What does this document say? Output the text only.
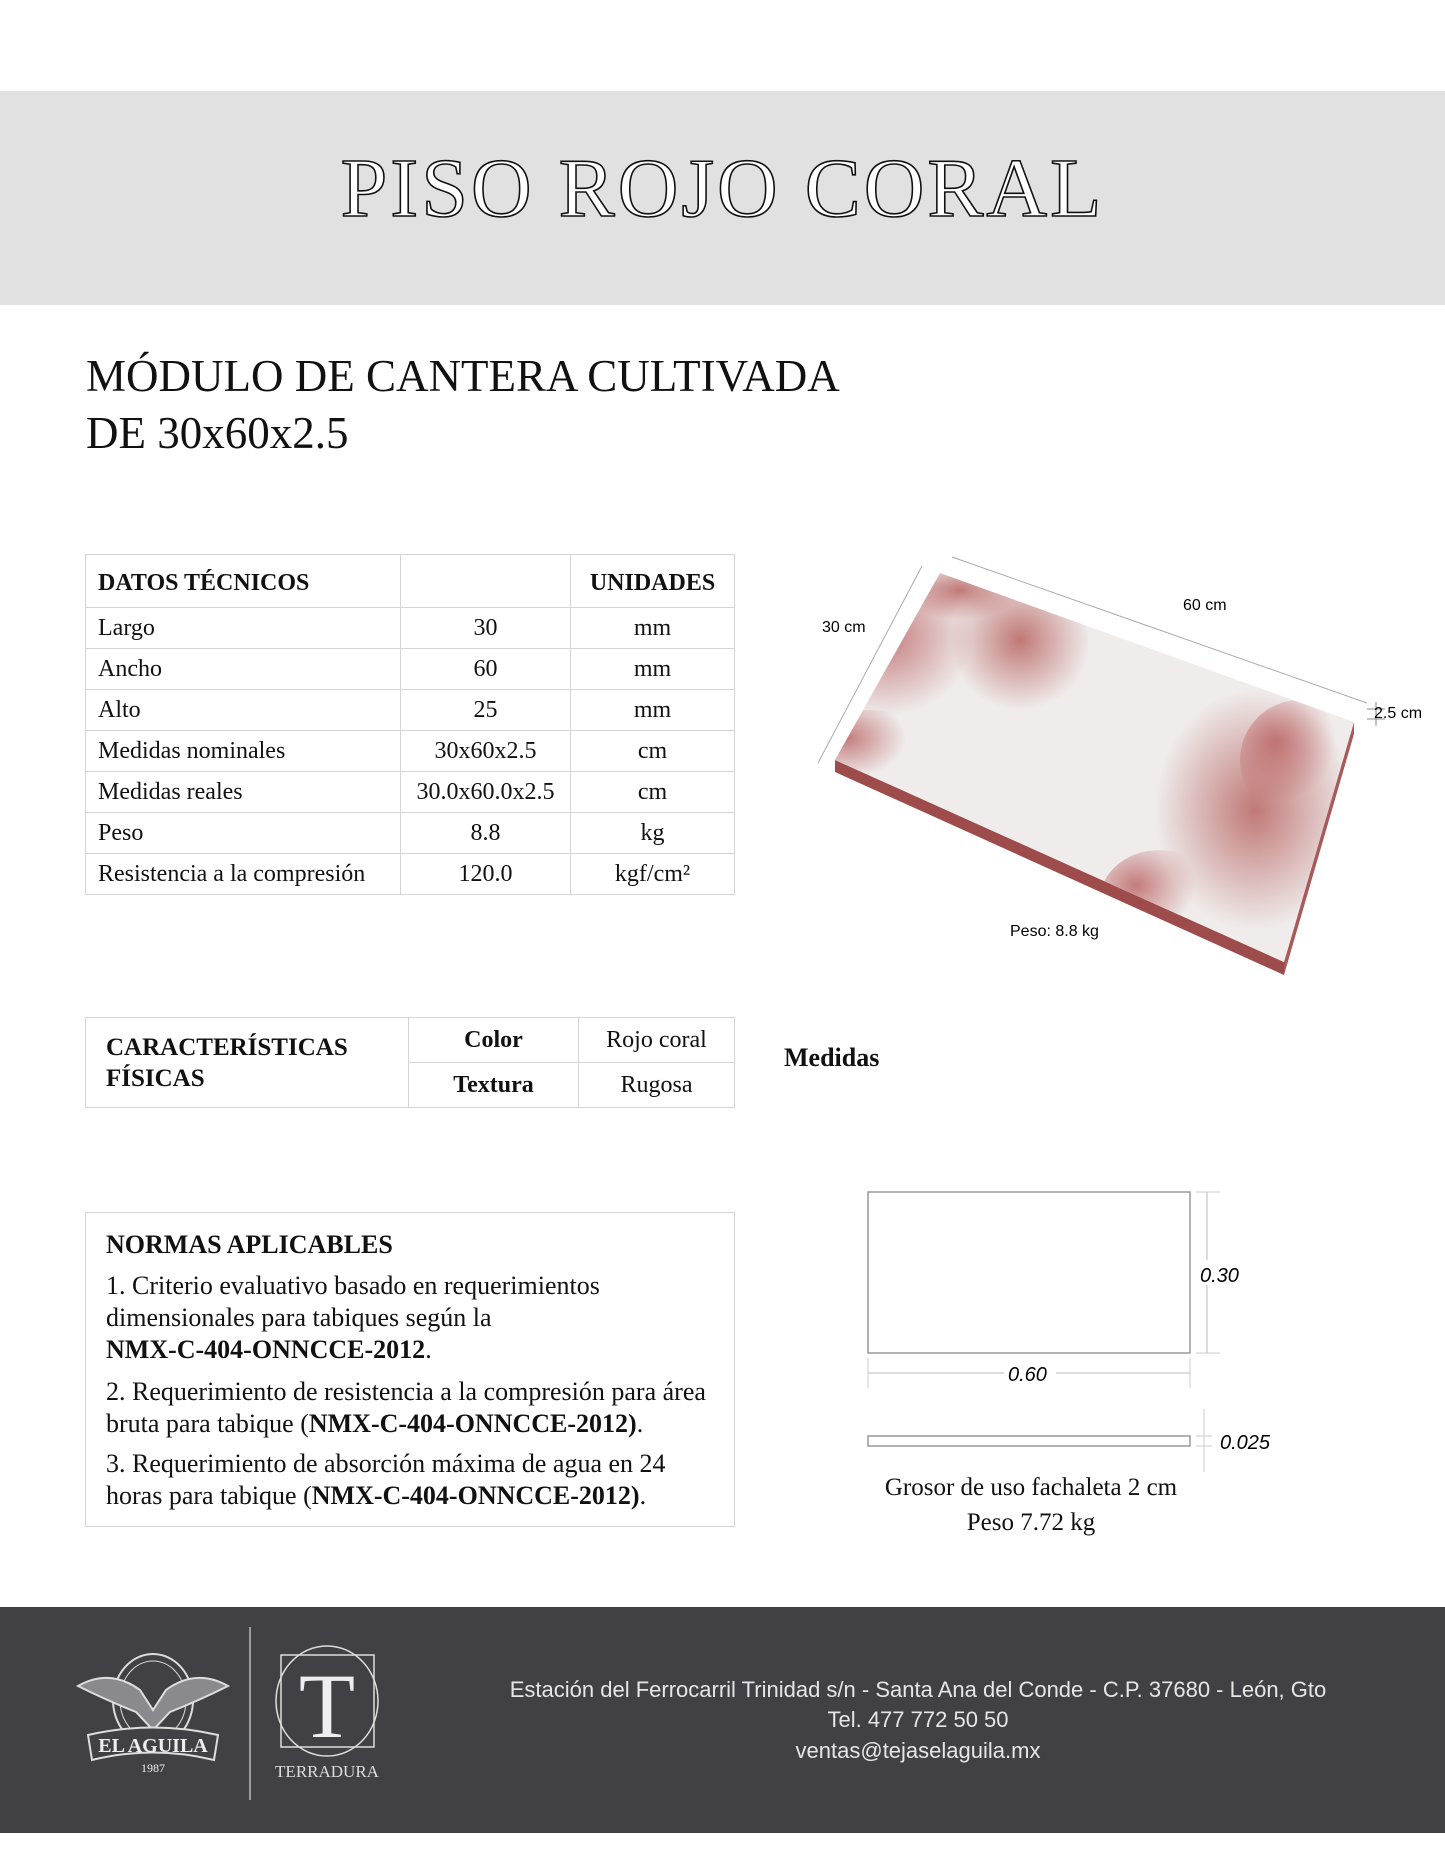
PISO ROJO CORAL
MÓDULO DE CANTERA CULTIVADA
DE 30x60x2.5
DATOS TÉCNICOS		UNIDADES
Largo	30	mm
Ancho	60	mm
Alto	25	mm
Medidas nominales	30x60x2.5	cm
Medidas reales	30.0x60.0x2.5	cm
Peso	8.8	kg
Resistencia a la compresión	120.0	kgf/cm²
60 cm
30 cm
2.5 cm
Peso: 8.8 kg
CARACTERÍSTICAS
FÍSICAS	Color	Rojo coral
	Textura	Rugosa
Medidas
NORMAS APLICABLES
1. Criterio evaluativo basado en requerimientos
dimensionales para tabiques según la
NMX-C-404-ONNCCE-2012.
2. Requerimiento de resistencia a la compresión para área
bruta para tabique (NMX-C-404-ONNCCE-2012).
3. Requerimiento de absorción máxima de agua en 24
horas para tabique (NMX-C-404-ONNCCE-2012).
0.30
0.60
0.025
Grosor de uso fachaleta 2 cm
Peso 7.72 kg
EL AGUILA
1987
T
TERRADURA
Estación del Ferrocarril Trinidad s/n - Santa Ana del Conde - C.P. 37680 - León, Gto
Tel. 477 772 50 50
ventas@tejaselaguila.mx
